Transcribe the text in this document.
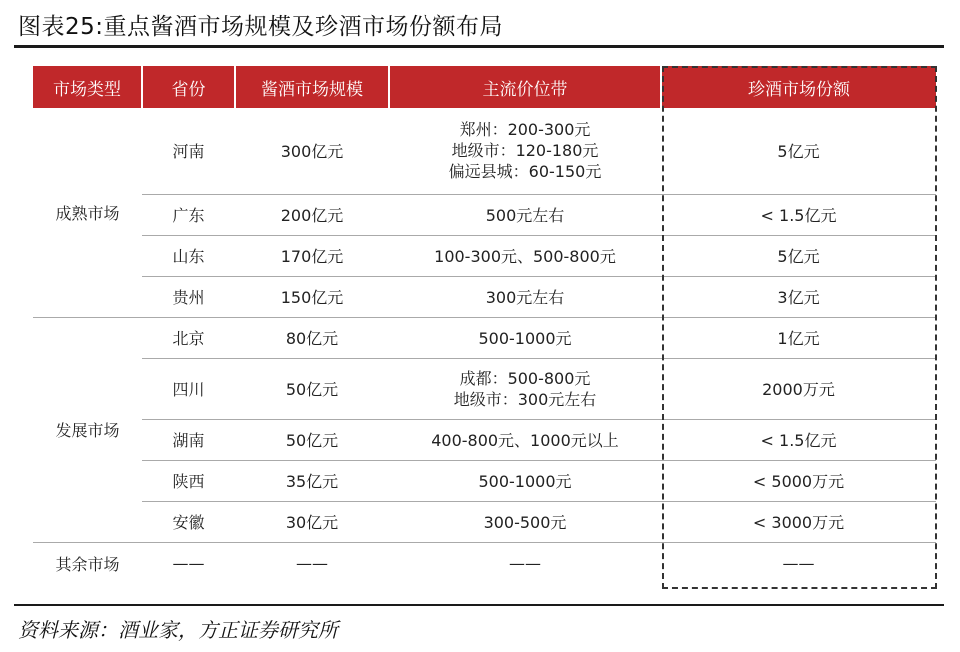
图表25:重点酱酒市场规模及珍酒市场份额布局
市场类型	省份	酱酒市场规模	主流价位带	珍酒市场份额
成熟市场	河南	300亿元	郑州：200-300元
地级市：120-180元
偏远县城：60-150元	5亿元
	广东	200亿元	500元左右	< 1.5亿元
	山东	170亿元	100-300元、500-800元	5亿元
	贵州	150亿元	300元左右	3亿元
发展市场	北京	80亿元	500-1000元	1亿元
	四川	50亿元	成都：500-800元
地级市：300元左右	2000万元
	湖南	50亿元	400-800元、1000元以上	< 1.5亿元
	陕西	35亿元	500-1000元	< 5000万元
	安徽	30亿元	300-500元	< 3000万元
其余市场	——	——	——	——
资料来源：酒业家，方正证券研究所
